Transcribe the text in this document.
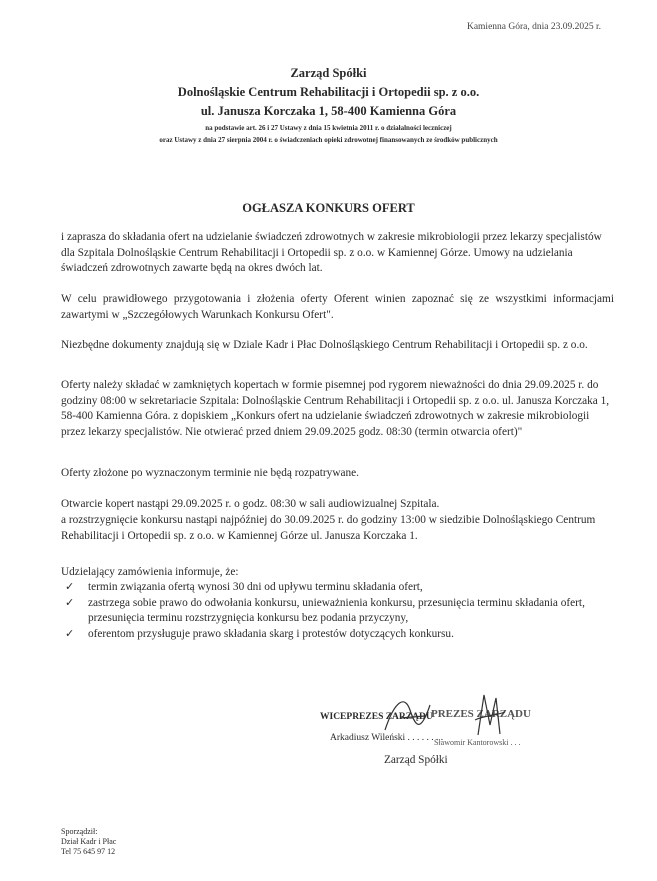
Kamienna Góra, dnia 23.09.2025 r.
Zarząd Spółki
Dolnośląskie Centrum Rehabilitacji i Ortopedii sp. z o.o.
ul. Janusza Korczaka 1, 58-400 Kamienna Góra
na podstawie art. 26 i 27 Ustawy z dnia 15 kwietnia 2011 r. o działalności leczniczej
oraz Ustawy z dnia 27 sierpnia 2004 r. o świadczeniach opieki zdrowotnej finansowanych ze środków publicznych
OGŁASZA KONKURS OFERT
i zaprasza do składania ofert na udzielanie świadczeń zdrowotnych w zakresie mikrobiologii przez lekarzy specjalistów dla Szpitala Dolnośląskie Centrum Rehabilitacji i Ortopedii sp. z o.o. w Kamiennej Górze. Umowy na udzielania świadczeń zdrowotnych zawarte będą na okres dwóch lat.
W celu prawidłowego przygotowania i złożenia oferty Oferent winien zapoznać się ze wszystkimi informacjami zawartymi w „Szczegółowych Warunkach Konkursu Ofert".
Niezbędne dokumenty znajdują się w Dziale Kadr i Płac Dolnośląskiego Centrum Rehabilitacji i Ortopedii sp. z o.o.
Oferty należy składać w zamkniętych kopertach w formie pisemnej pod rygorem nieważności do dnia 29.09.2025 r. do godziny 08:00 w sekretariacie Szpitala: Dolnośląskie Centrum Rehabilitacji i Ortopedii sp. z o.o. ul. Janusza Korczaka 1, 58-400 Kamienna Góra. z dopiskiem „Konkurs ofert na udzielanie świadczeń zdrowotnych w zakresie mikrobiologii przez lekarzy specjalistów. Nie otwierać przed dniem 29.09.2025 godz. 08:30 (termin otwarcia ofert)"
Oferty złożone po wyznaczonym terminie nie będą rozpatrywane.
Otwarcie kopert nastąpi 29.09.2025 r. o godz. 08:30 w sali audiowizualnej Szpitala.
a rozstrzygnięcie konkursu nastąpi najpóźniej do 30.09.2025 r. do godziny 13:00 w siedzibie Dolnośląskiego Centrum Rehabilitacji i Ortopedii sp. z o.o. w Kamiennej Górze ul. Janusza Korczaka 1.
Udzielający zamówienia informuje, że:
✓ termin związania ofertą wynosi 30 dni od upływu terminu składania ofert,
✓ zastrzega sobie prawo do odwołania konkursu, unieważnienia konkursu, przesunięcia terminu składania ofert, przesunięcia terminu rozstrzygnięcia konkursu bez podania przyczyny,
✓ oferentom przysługuje prawo składania skarg i protestów dotyczących konkursu.
WICEPREZES ZARZĄDU
PREZES ZARZĄDU
Arkadiusz Wileński . . . . . . . .
Sławomir Kantorowski . . .
Zarząd Spółki
Sporządził:
Dział Kadr i Płac
Tel 75 645 97 12
